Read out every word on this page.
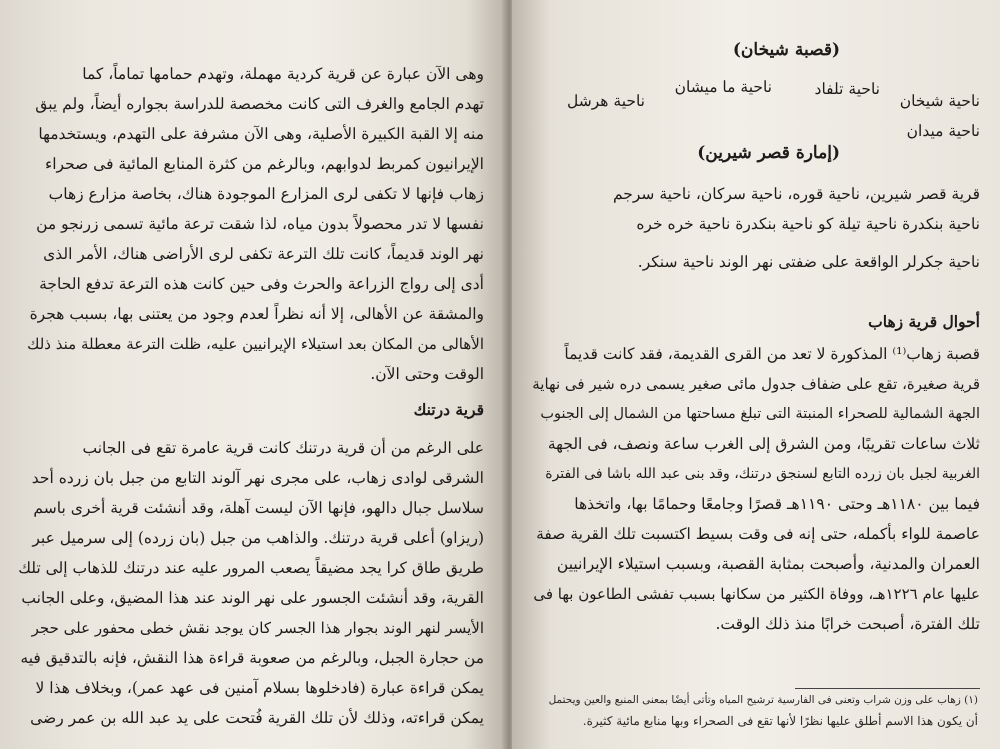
وهى الآن عبارة عن قرية كردية مهملة، وتهدم حمامها تماماً، كما
تهدم الجامع والغرف التى كانت مخصصة للدراسة بجواره أيضاً، ولم يبق
منه إلا القبة الكبيرة الأصلية، وهى الآن مشرفة على التهدم، ويستخدمها
الإيرانيون كمربط لدوابهم، وبالرغم من كثرة المنابع المائية فى صحراء
زهاب فإنها لا تكفى لرى المزارع الموجودة هناك، بخاصة مزارع زهاب
نفسها لا تدر محصولاً بدون مياه، لذا شقت ترعة مائية تسمى زرنجو من
نهر الوند قديماً، كانت تلك الترعة تكفى لرى الأراضى هناك، الأمر الذى
أدى إلى رواج الزراعة والحرث وفى حين كانت هذه الترعة تدفع الحاجة
والمشقة عن الأهالى، إلا أنه نظراً لعدم وجود من يعتنى بها، بسبب هجرة
الأهالى من المكان بعد استيلاء الإيرانيين عليه، ظلت الترعة معطلة منذ ذلك
الوقت وحتى الآن.
قرية درتنك
على الرغم من أن قرية درتنك كانت قرية عامرة تقع فى الجانب
الشرقى لوادى زهاب، على مجرى نهر آلوند التابع من جبل بان زرده أحد
سلاسل جبال دالهو، فإنها الآن ليست آهلة، وقد أنشئت قرية أخرى باسم
(ريزاو) أعلى قرية درتنك. والذاهب من جبل (بان زرده) إلى سرميل عبر
طريق طاق كرا يجد مضيقاً يصعب المرور عليه عند درتنك للذهاب إلى تلك
القرية، وقد أنشئت الجسور على نهر الوند عند هذا المضيق، وعلى الجانب
الأيسر لنهر الوند بجوار هذا الجسر كان يوجد نقش خطى محفور على حجر
من حجارة الجبل، وبالرغم من صعوبة قراءة هذا النقش، فإنه بالتدقيق فيه
يمكن قراءة عبارة (فادخلوها بسلام آمنين فى عهد عمر)، وبخلاف هذا لا
يمكن قراءته، وذلك لأن تلك القرية فُتحت على يد عبد الله بن عمر رضى
(قصبة شيخان)
ناحية شيخان
ناحية تلفاد
ناحية ما ميشان
ناحية هرشل
ناحية ميدان
(إمارة قصر شيرين)
قرية قصر شيرين، ناحية قوره، ناحية سركان، ناحية سرجم
ناحية بنكدرة ناحية تيلة كو ناحية بنكدرة ناحية خره خره
ناحية جكرلر الواقعة على ضفتى نهر الوند ناحية سنكر.
أحوال قرية زهاب
قصبة زهاب⁽¹⁾ المذكورة لا تعد من القرى القديمة، فقد كانت قديماً
قرية صغيرة، تقع على ضفاف جدول مائى صغير يسمى دره شير فى نهاية
الجهة الشمالية للصحراء المنبتة التى تبلغ مساحتها من الشمال إلى الجنوب
ثلاث ساعات تقريبًا، ومن الشرق إلى الغرب ساعة ونصف، فى الجهة
الغربية لجبل بان زرده التابع لسنجق درتنك، وقد بنى عبد الله باشا فى الفترة
فيما بين ١١٨٠هـ وحتى ١١٩٠هـ قصرًا وجامعًا وحمامًا بها، واتخذها
عاصمة للواء بأكمله، حتى إنه فى وقت بسيط اكتسبت تلك القرية صفة
العمران والمدنية، وأصبحت بمثابة القصبة، وبسبب استيلاء الإيرانيين
عليها عام ١٢٢٦هـ، ووفاة الكثير من سكانها بسبب تفشى الطاعون بها فى
تلك الفترة، أصبحت خرابًا منذ ذلك الوقت.
(١) زهاب على وزن شراب وتعنى فى الفارسية ترشيح المياه وتأتى أيضًا بمعنى المنبع والعين ويحتمل
أن يكون هذا الاسم أطلق عليها نظرًا لأنها تقع فى الصحراء وبها منابع مائية كثيرة.
